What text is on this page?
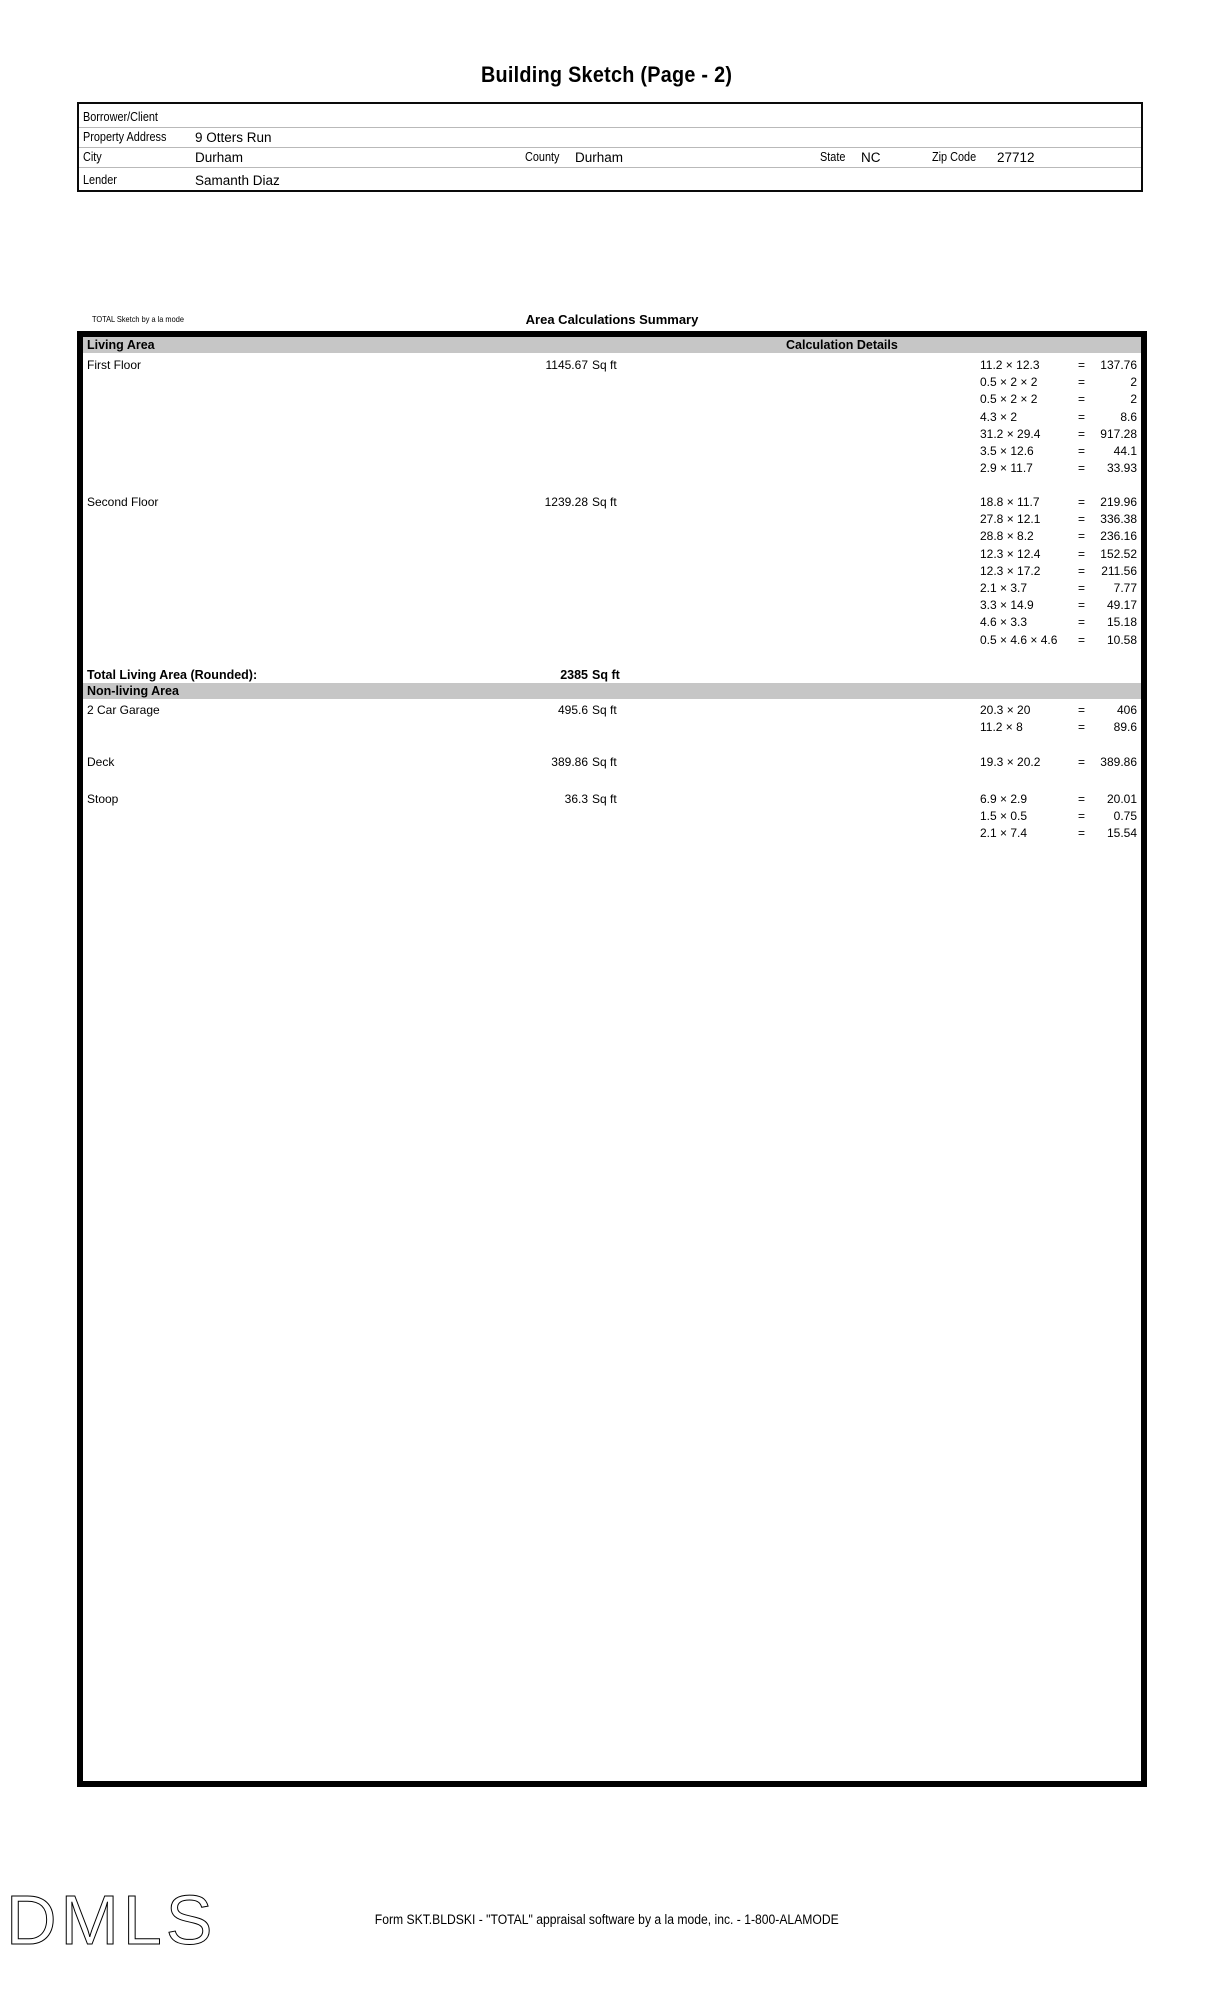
Building Sketch (Page - 2)
Borrower/Client
Property Address	9 Otters Run
City	Durham	County	Durham	State NC	Zip Code	27712
Lender	Samanth Diaz
TOTAL Sketch by a la mode	Area Calculations Summary
Living Area	Calculation Details
First Floor	1145.67 Sq ft	11.2 × 12.3	= 137.76
0.5 × 2 × 2	=	2
0.5 × 2 × 2	=	2
4.3 × 2	=	8.6
31.2 × 29.4	= 917.28
3.5 × 12.6	= 44.1
2.9 × 11.7	= 33.93
Second Floor	1239.28 Sq ft	18.8 × 11.7	= 219.96
27.8 × 12.1	= 336.38
28.8 × 8.2	= 236.16
12.3 × 12.4	= 152.52
12.3 × 17.2	= 211.56
2.1 × 3.7	= 7.77
3.3 × 14.9	= 49.17
4.6 × 3.3	= 15.18
0.5 × 4.6 × 4.6 = 10.58
Total Living Area (Rounded):	2385 Sq ft
Non-living Area
2 Car Garage	495.6 Sq ft	20.3 × 20	=	406
11.2 × 8	= 89.6
Deck	389.86 Sq ft	19.3 × 20.2	= 389.86
Stoop	36.3 Sq ft	6.9 × 2.9	= 20.01
1.5 × 0.5	= 0.75
2.1 × 7.4	= 15.54
DMLS	Form SKT.BLDSKI - "TOTAL" appraisal software by a la mode, inc. - 1-800-ALAMODE
